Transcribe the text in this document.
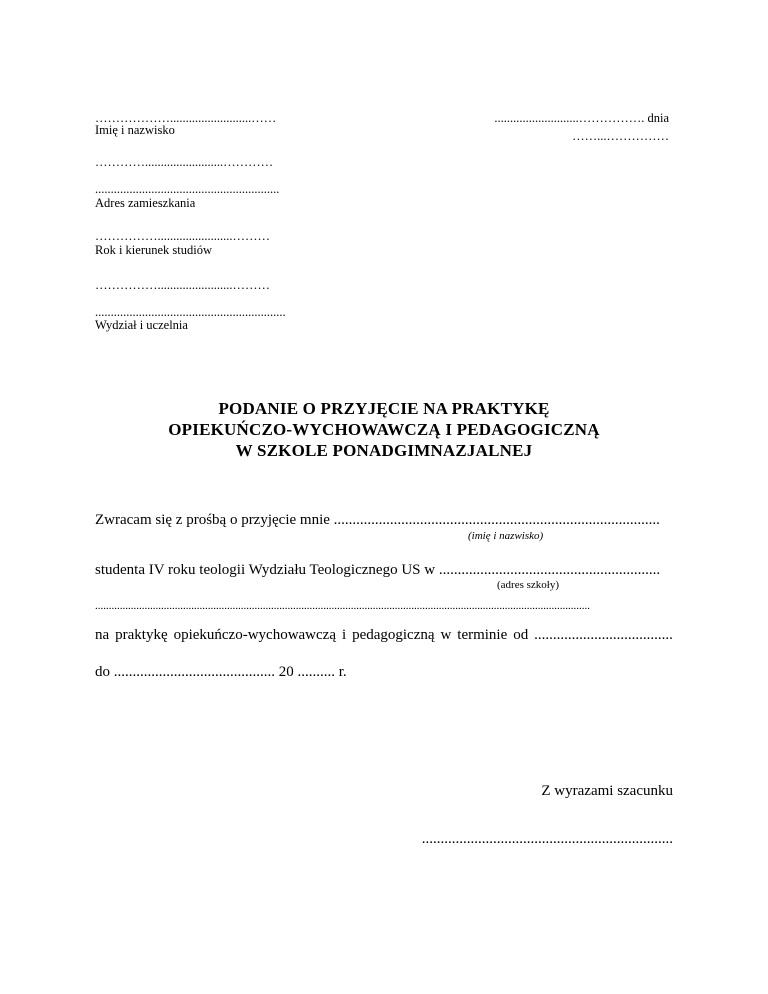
………………..........................……
Imię i nazwisko
………….........................…………
...........................................................
Adres zamieszkania
……………........................………
Rok i kierunek studiów
……………........................………
.............................................................
Wydział i uczelnia
...........................……………. dnia
……...……………
PODANIE O PRZYJĘCIE NA PRAKTYKĘ
OPIEKUŃCZO-WYCHOWAWCZĄ I PEDAGOGICZNĄ
W SZKOLE PONADGIMNAZJALNEJ
Zwracam się z prośbą o przyjęcie mnie .......................................................................................
(imię i nazwisko)
studenta IV roku teologii Wydziału Teologicznego US w ...........................................................
(adres szkoły)
....................................................................................................................................................................................
na praktykę opiekuńczo-wychowawczą i pedagogiczną w terminie od .....................................
do ........................................... 20 .......... r.
Z wyrazami szacunku
...................................................................
